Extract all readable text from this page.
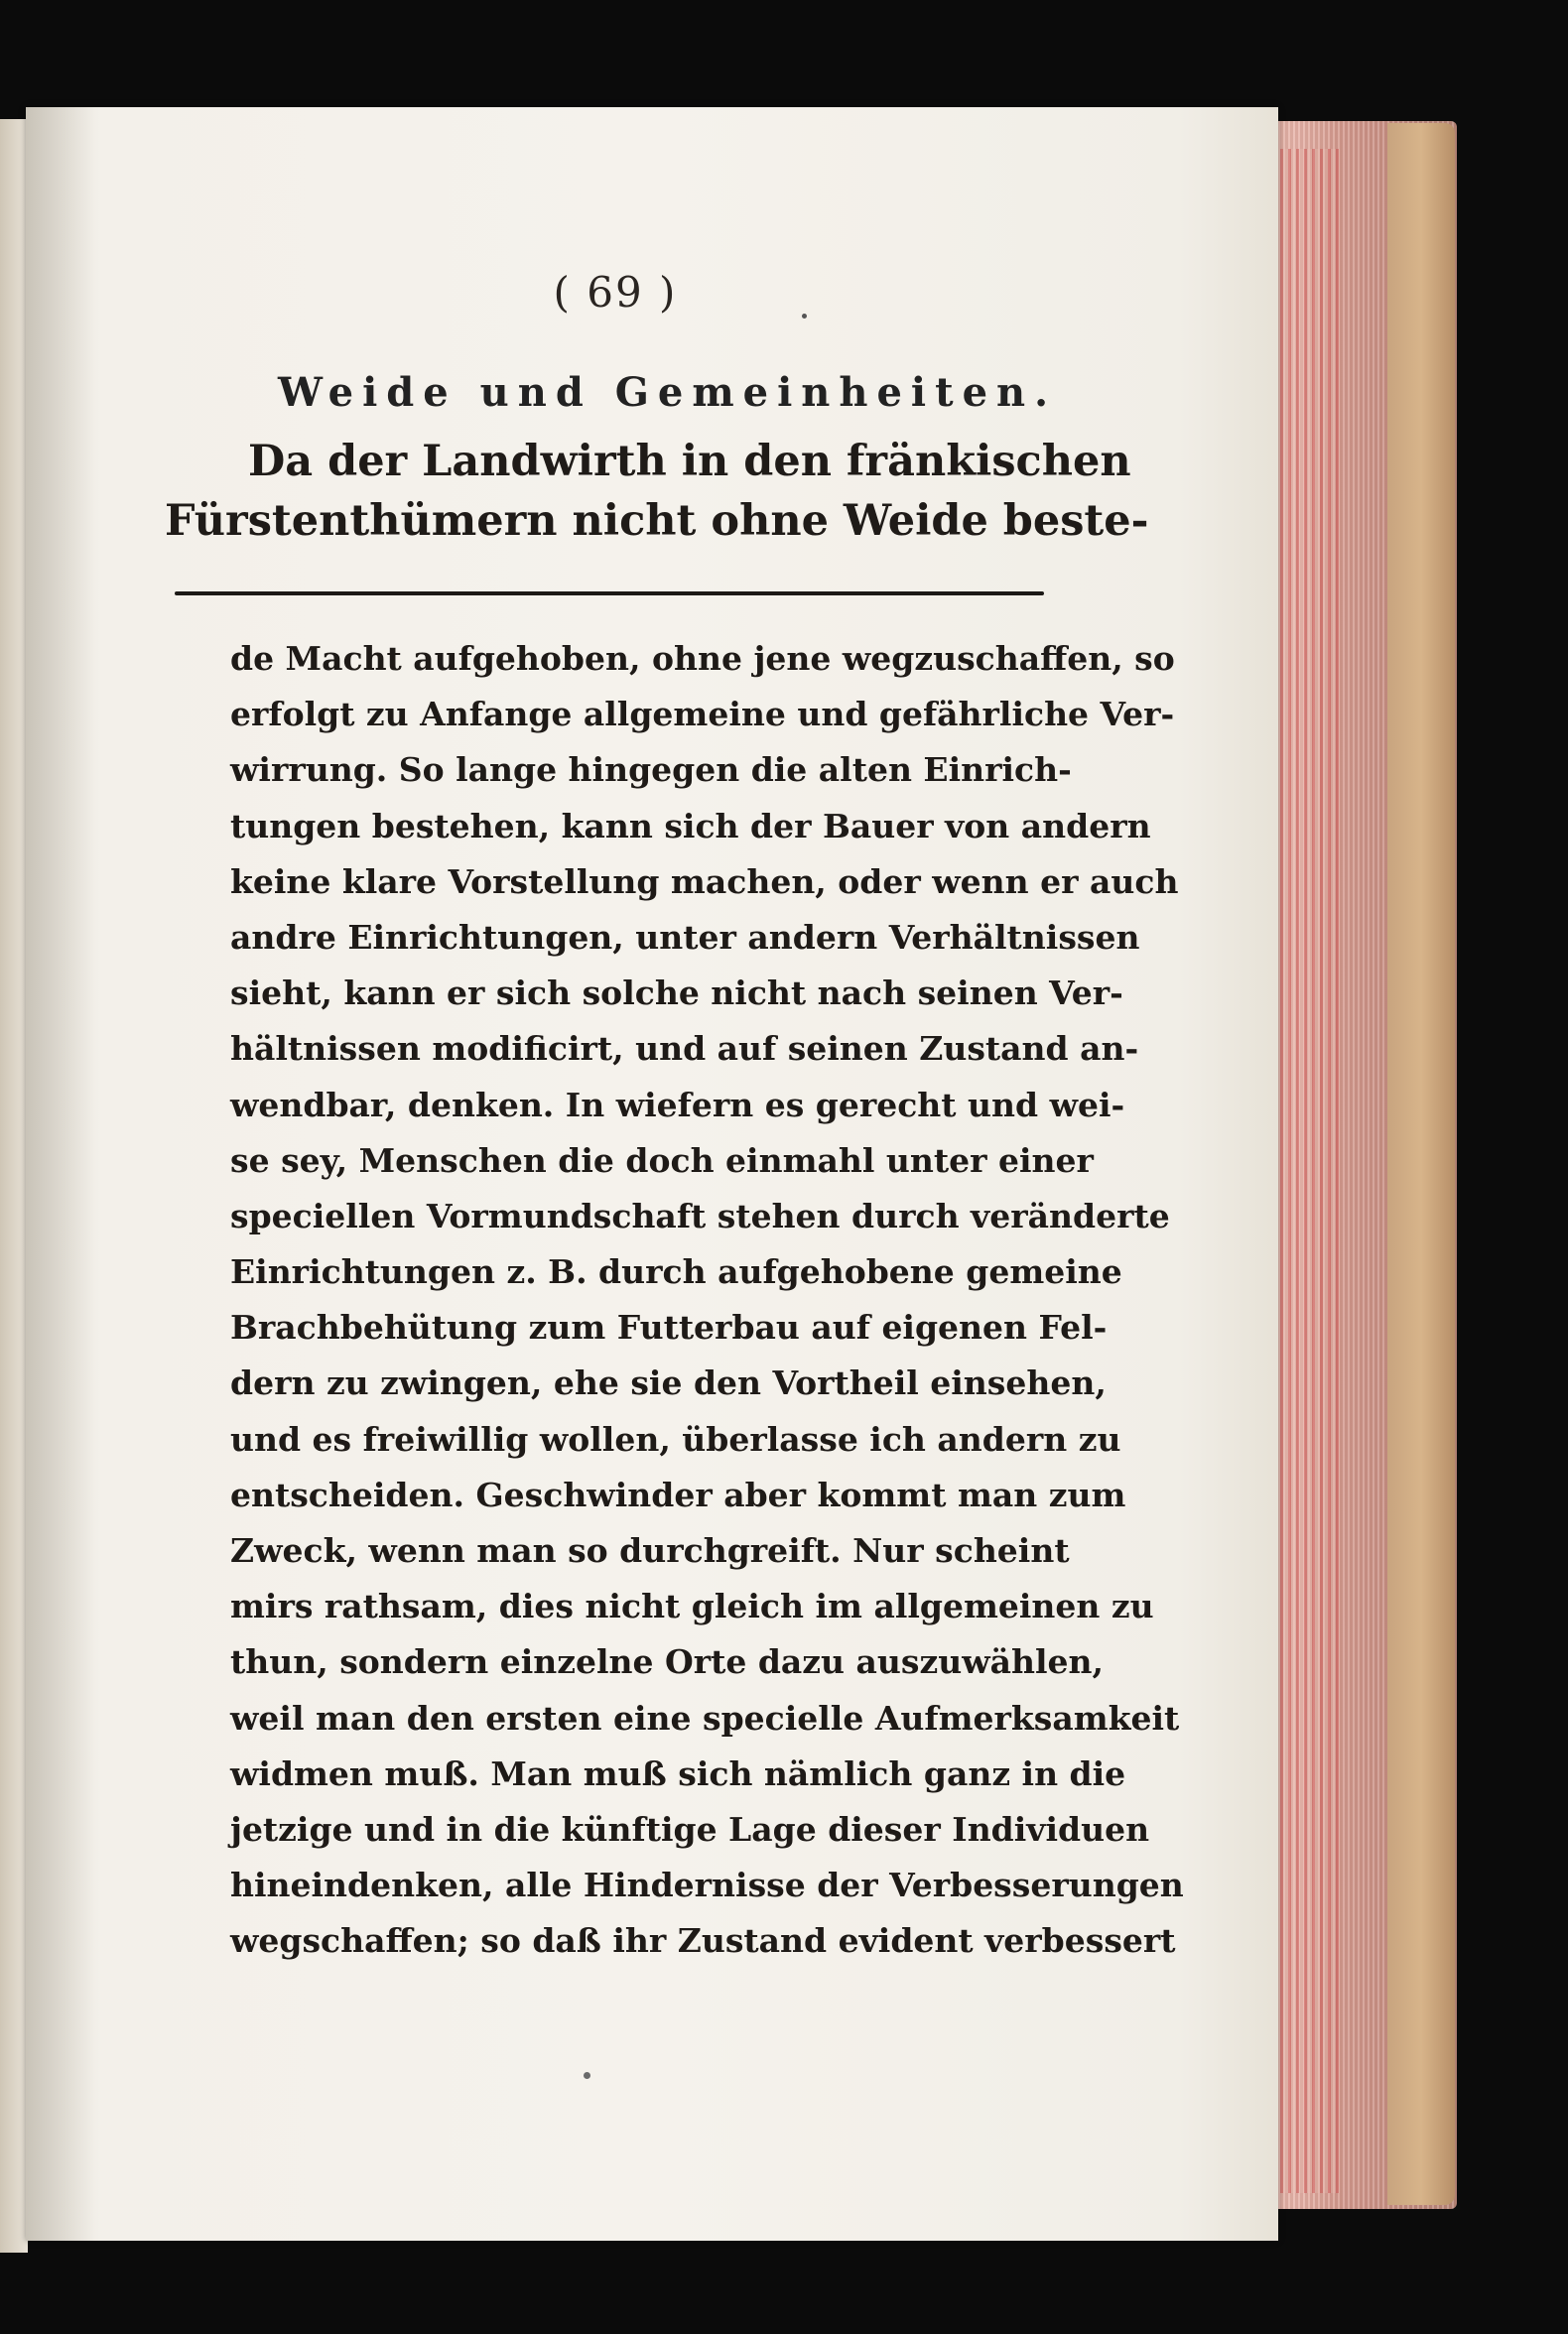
( 69 )
Weide und Gemeinheiten.
Da der Landwirth in den fränkischen
Fürstenthümern nicht ohne Weide beste-
de Macht aufgehoben, ohne jene wegzuschaffen, so
erfolgt zu Anfange allgemeine und gefährliche Ver-
wirrung. So lange hingegen die alten Einrich-
tungen bestehen, kann sich der Bauer von andern
keine klare Vorstellung machen, oder wenn er auch
andre Einrichtungen, unter andern Verhältnissen
sieht, kann er sich solche nicht nach seinen Ver-
hältnissen modificirt, und auf seinen Zustand an-
wendbar, denken. In wiefern es gerecht und wei-
se sey, Menschen die doch einmahl unter einer
speciellen Vormundschaft stehen durch veränderte
Einrichtungen z. B. durch aufgehobene gemeine
Brachbehütung zum Futterbau auf eigenen Fel-
dern zu zwingen, ehe sie den Vortheil einsehen,
und es freiwillig wollen, überlasse ich andern zu
entscheiden. Geschwinder aber kommt man zum
Zweck, wenn man so durchgreift. Nur scheint
mirs rathsam, dies nicht gleich im allgemeinen zu
thun, sondern einzelne Orte dazu auszuwählen,
weil man den ersten eine specielle Aufmerksamkeit
widmen muß. Man muß sich nämlich ganz in die
jetzige und in die künftige Lage dieser Individuen
hineindenken, alle Hindernisse der Verbesserungen
wegschaffen; so daß ihr Zustand evident verbessert
